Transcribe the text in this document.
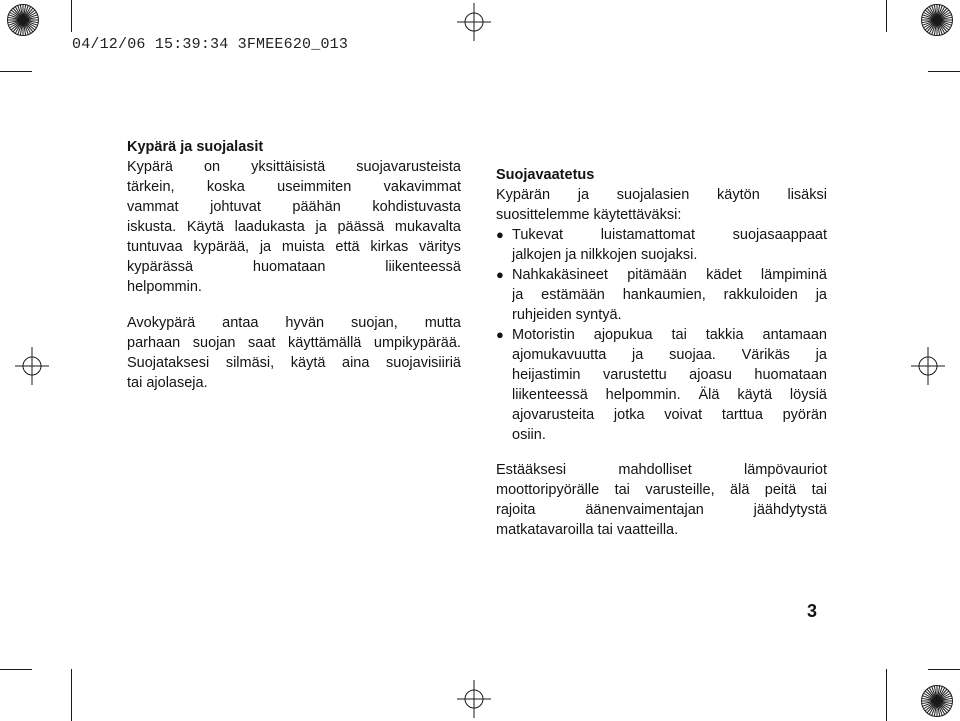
04/12/06 15:39:34 3FMEE620_013
Kypärä ja suojalasit
Kypärä on yksittäisistä suojavarusteista
tärkein, koska useimmiten vakavimmat
vammat johtuvat päähän kohdistuvasta
iskusta. Käytä laadukasta ja päässä mukavalta
tuntuvaa kypärää, ja muista että kirkas väritys
kypärässä	huomataan	liikenteessä
helpommin.
Avokypärä antaa hyvän suojan, mutta
parhaan suojan saat käyttämällä umpikypärää.
Suojataksesi silmäsi, käytä aina suojavisiiriä
tai ajolaseja.
Suojavaatetus
Kypärän ja suojalasien käytön lisäksi
suosittelemme käytettäväksi:
● Tukevat	luistamattomat	suojasaappaat
jalkojen ja nilkkojen suojaksi.
● Nahkakäsineet pitämään kädet lämpiminä
ja estämään hankaumien, rakkuloiden ja
ruhjeiden syntyä.
● Motoristin ajopukua tai takkia antamaan
ajomukavuutta ja suojaa. Värikäs ja
heijastimin varustettu ajoasu huomataan
liikenteessä helpommin. Älä käytä löysiä
ajovarusteita jotka voivat tarttua pyörän
osiin.
Estääksesi	mahdolliset	lämpövauriot
moottoripyörälle tai varusteille, älä peitä tai
rajoita	äänenvaimentajan	jäähdytystä
matkatavaroilla tai vaatteilla.
3
